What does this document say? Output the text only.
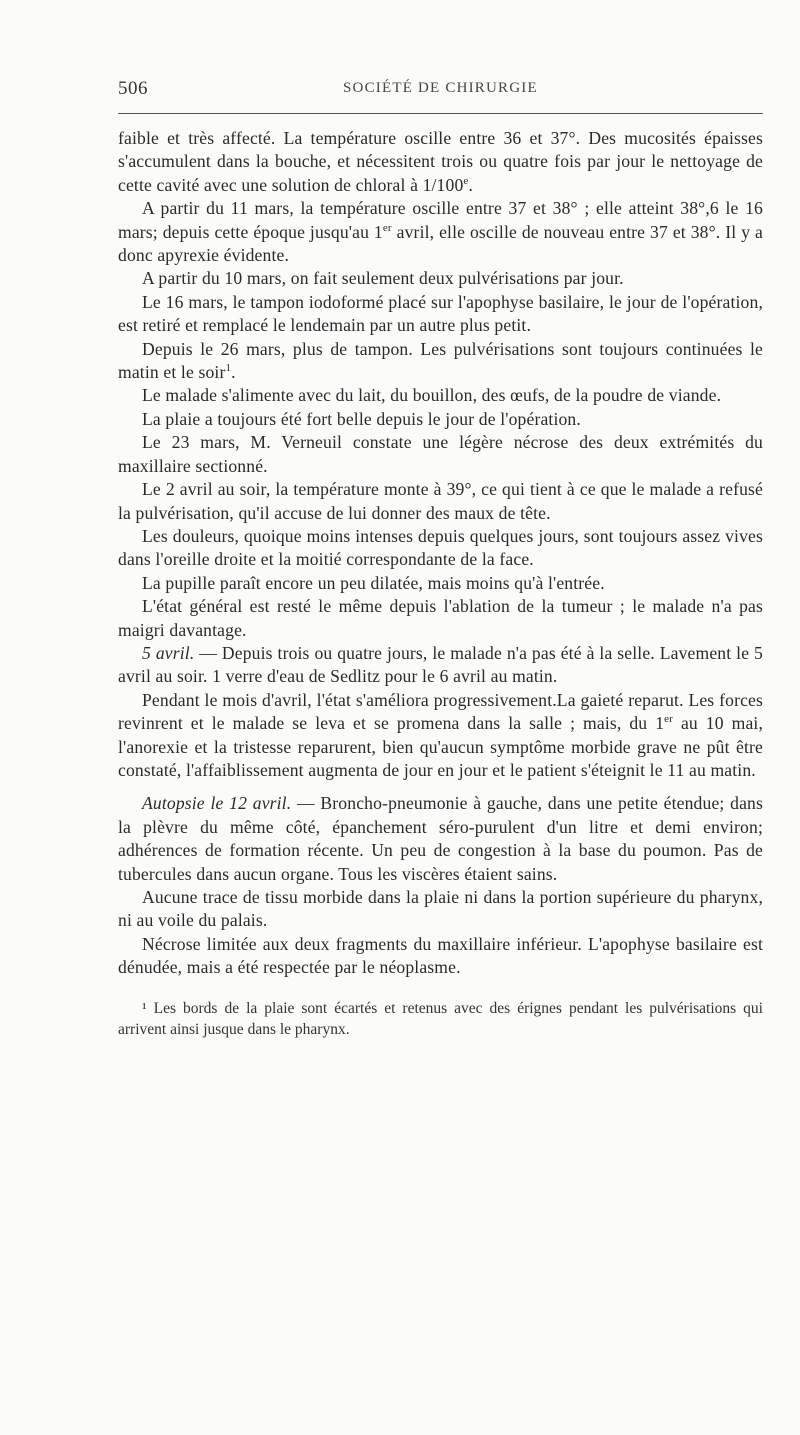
506	SOCIÉTÉ DE CHIRURGIE

faible et très affecté. La température oscille entre 36 et 37°. Des mucosités épaisses s'accumulent dans la bouche, et nécessitent trois ou quatre fois par jour le nettoyage de cette cavité avec une solution de chloral à 1/100e.

A partir du 11 mars, la température oscille entre 37 et 38° ; elle atteint 38°,6 le 16 mars; depuis cette époque jusqu'au 1er avril, elle oscille de nouveau entre 37 et 38°. Il y a donc apyrexie évidente.

A partir du 10 mars, on fait seulement deux pulvérisations par jour.

Le 16 mars, le tampon iodoformé placé sur l'apophyse basilaire, le jour de l'opération, est retiré et remplacé le lendemain par un autre plus petit.

Depuis le 26 mars, plus de tampon. Les pulvérisations sont toujours continuées le matin et le soir$^1$.

Le malade s'alimente avec du lait, du bouillon, des œufs, de la poudre de viande.

La plaie a toujours été fort belle depuis le jour de l'opération.

Le 23 mars, M. Verneuil constate une légère nécrose des deux extrémités du maxillaire sectionné.

Le 2 avril au soir, la température monte à 39°, ce qui tient à ce que le malade a refusé la pulvérisation, qu'il accuse de lui donner des maux de tête.

Les douleurs, quoique moins intenses depuis quelques jours, sont toujours assez vives dans l'oreille droite et la moitié correspondante de la face.

La pupille paraît encore un peu dilatée, mais moins qu'à l'entrée.

L'état général est resté le même depuis l'ablation de la tumeur ; le malade n'a pas maigri davantage.

5 avril. — Depuis trois ou quatre jours, le malade n'a pas été à la selle. Lavement le 5 avril au soir. 1 verre d'eau de Sedlitz pour le 6 avril au matin.

Pendant le mois d'avril, l'état s'améliora progressivement.La gaieté reparut. Les forces revinrent et le malade se leva et se promena dans la salle ; mais, du 1er au 10 mai, l'anorexie et la tristesse reparurent, bien qu'aucun symptôme morbide grave ne pût être constaté, l'affaiblissement augmenta de jour en jour et le patient s'éteignit le 11 au matin.

Autopsie le 12 avril. — Broncho-pneumonie à gauche, dans une petite étendue; dans la plèvre du même côté, épanchement séro-purulent d'un litre et demi environ; adhérences de formation récente. Un peu de congestion à la base du poumon. Pas de tubercules dans aucun organe. Tous les viscères étaient sains.

Aucune trace de tissu morbide dans la plaie ni dans la portion supérieure du pharynx, ni au voile du palais.

Nécrose limitée aux deux fragments du maxillaire inférieur. L'apophyse basilaire est dénudée, mais a été respectée par le néoplasme.

¹ Les bords de la plaie sont écartés et retenus avec des érignes pendant les pulvérisations qui arrivent ainsi jusque dans le pharynx.
